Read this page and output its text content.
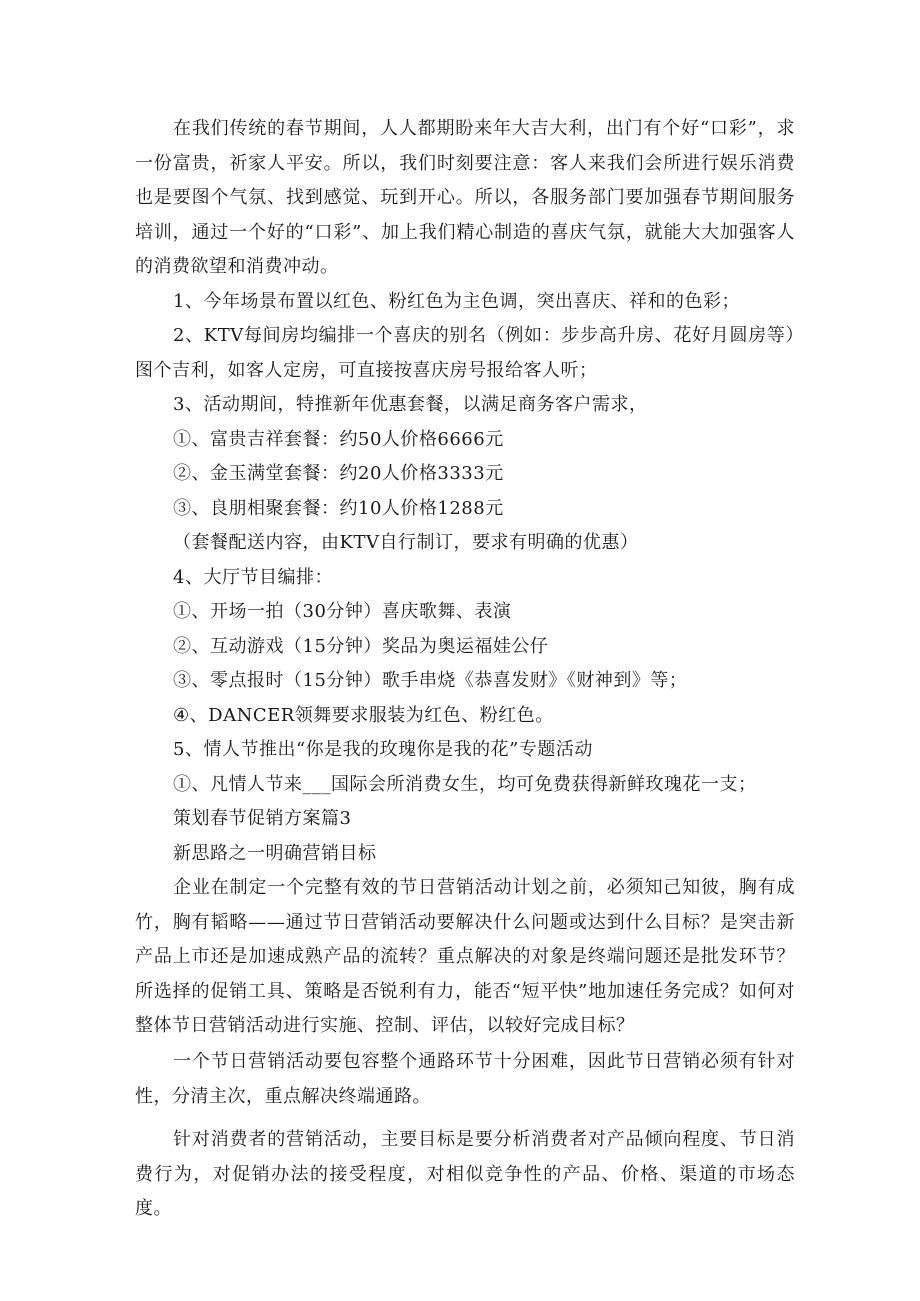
在我们传统的春节期间，人人都期盼来年大吉大利，出门有个好“口彩”，求一份富贵，祈家人平安。所以，我们时刻要注意：客人来我们会所进行娱乐消费也是要图个气氛、找到感觉、玩到开心。所以，各服务部门要加强春节期间服务培训，通过一个好的“口彩”、加上我们精心制造的喜庆气氛，就能大大加强客人的消费欲望和消费冲动。

1、今年场景布置以红色、粉红色为主色调，突出喜庆、祥和的色彩；

2、KTV每间房均编排一个喜庆的别名（例如：步步高升房、花好月圆房等）图个吉利，如客人定房，可直接按喜庆房号报给客人听；

3、活动期间，特推新年优惠套餐，以满足商务客户需求，

①、富贵吉祥套餐：约50人价格6666元

②、金玉满堂套餐：约20人价格3333元

③、良朋相聚套餐：约10人价格1288元

（套餐配送内容，由KTV自行制订，要求有明确的优惠）

4、大厅节目编排：

①、开场一拍（30分钟）喜庆歌舞、表演

②、互动游戏（15分钟）奖品为奥运福娃公仔

③、零点报时（15分钟）歌手串烧《恭喜发财》《财神到》等；

④、DANCER领舞要求服装为红色、粉红色。

5、情人节推出“你是我的玫瑰你是我的花”专题活动

①、凡情人节来___国际会所消费女生，均可免费获得新鲜玫瑰花一支；

策划春节促销方案篇3

新思路之一明确营销目标

企业在制定一个完整有效的节日营销活动计划之前，必须知己知彼，胸有成竹，胸有韬略——通过节日营销活动要解决什么问题或达到什么目标？是突击新产品上市还是加速成熟产品的流转？重点解决的对象是终端问题还是批发环节？所选择的促销工具、策略是否锐利有力，能否“短平快”地加速任务完成？如何对整体节日营销活动进行实施、控制、评估，以较好完成目标？

一个节日营销活动要包容整个通路环节十分困难，因此节日营销必须有针对性，分清主次，重点解决终端通路。

针对消费者的营销活动，主要目标是要分析消费者对产品倾向程度、节日消费行为，对促销办法的接受程度，对相似竞争性的产品、价格、渠道的市场态度。
